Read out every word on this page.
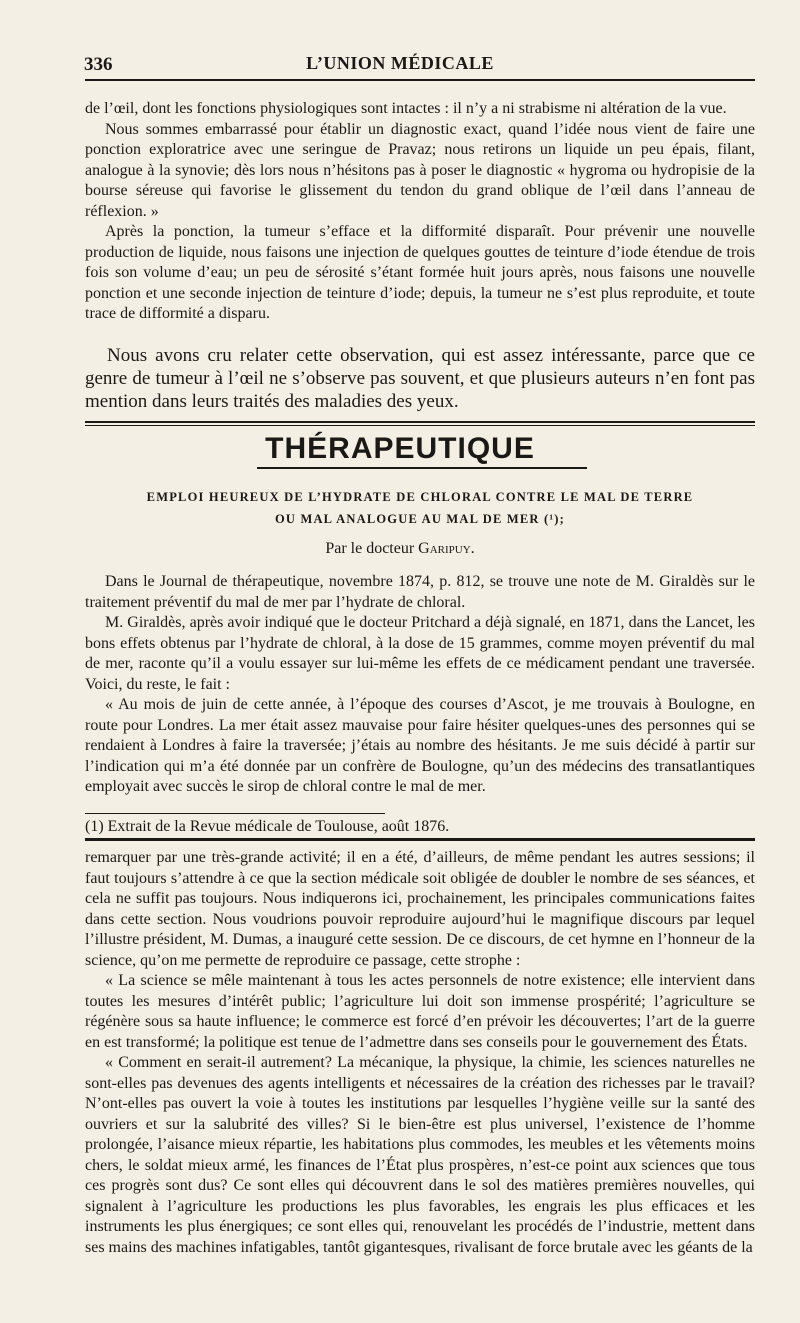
336	L’UNION MÉDICALE

de l’œil, dont les fonctions physiologiques sont intactes : il n’y a ni strabisme ni altération de la vue.

Nous sommes embarrassé pour établir un diagnostic exact, quand l’idée nous vient de faire une ponction exploratrice avec une seringue de Pravaz; nous retirons un liquide un peu épais, filant, analogue à la synovie; dès lors nous n’hésitons pas à poser le diagnostic « hygroma ou hydropisie de la bourse séreuse qui favorise le glissement du tendon du grand oblique de l’œil dans l’anneau de réflexion. »

Après la ponction, la tumeur s’efface et la difformité disparaît. Pour prévenir une nouvelle production de liquide, nous faisons une injection de quelques gouttes de teinture d’iode étendue de trois fois son volume d’eau; un peu de sérosité s’étant formée huit jours après, nous faisons une nouvelle ponction et une seconde injection de teinture d’iode; depuis, la tumeur ne s’est plus reproduite, et toute trace de difformité a disparu.

Nous avons cru relater cette observation, qui est assez intéressante, parce que ce genre de tumeur à l’œil ne s’observe pas souvent, et que plusieurs auteurs n’en font pas mention dans leurs traités des maladies des yeux.

THÉRAPEUTIQUE
EMPLOI HEUREUX DE L’HYDRATE DE CHLORAL CONTRE LE MAL DE TERRE
OU MAL ANALOGUE AU MAL DE MER (¹);
Par le docteur Garipuy.

Dans le Journal de thérapeutique, novembre 1874, p. 812, se trouve une note de M. Giraldès sur le traitement préventif du mal de mer par l’hydrate de chloral.

M. Giraldès, après avoir indiqué que le docteur Pritchard a déjà signalé, en 1871, dans the Lancet, les bons effets obtenus par l’hydrate de chloral, à la dose de 15 grammes, comme moyen préventif du mal de mer, raconte qu’il a voulu essayer sur lui-même les effets de ce médicament pendant une traversée. Voici, du reste, le fait :

« Au mois de juin de cette année, à l’époque des courses d’Ascot, je me trouvais à Boulogne, en route pour Londres. La mer était assez mauvaise pour faire hésiter quelques-unes des personnes qui se rendaient à Londres à faire la traversée; j’étais au nombre des hésitants. Je me suis décidé à partir sur l’indication qui m’a été donnée par un confrère de Boulogne, qu’un des médecins des transatlantiques employait avec succès le sirop de chloral contre le mal de mer.

(1) Extrait de la Revue médicale de Toulouse, août 1876.

remarquer par une très-grande activité; il en a été, d’ailleurs, de même pendant les autres sessions; il faut toujours s’attendre à ce que la section médicale soit obligée de doubler le nombre de ses séances, et cela ne suffit pas toujours. Nous indiquerons ici, prochainement, les principales communications faites dans cette section. Nous voudrions pouvoir reproduire aujourd’hui le magnifique discours par lequel l’illustre président, M. Dumas, a inauguré cette session. De ce discours, de cet hymne en l’honneur de la science, qu’on me permette de reproduire ce passage, cette strophe :

« La science se mêle maintenant à tous les actes personnels de notre existence; elle intervient dans toutes les mesures d’intérêt public; l’agriculture lui doit son immense prospérité; l’agriculture se régénère sous sa haute influence; le commerce est forcé d’en prévoir les découvertes; l’art de la guerre en est transformé; la politique est tenue de l’admettre dans ses conseils pour le gouvernement des États.

« Comment en serait-il autrement? La mécanique, la physique, la chimie, les sciences naturelles ne sont-elles pas devenues des agents intelligents et nécessaires de la création des richesses par le travail? N’ont-elles pas ouvert la voie à toutes les institutions par lesquelles l’hygiène veille sur la santé des ouvriers et sur la salubrité des villes? Si le bien-être est plus universel, l’existence de l’homme prolongée, l’aisance mieux répartie, les habitations plus commodes, les meubles et les vêtements moins chers, le soldat mieux armé, les finances de l’État plus prospères, n’est-ce point aux sciences que tous ces progrès sont dus? Ce sont elles qui découvrent dans le sol des matières premières nouvelles, qui signalent à l’agriculture les productions les plus favorables, les engrais les plus efficaces et les instruments les plus énergiques; ce sont elles qui, renouvelant les procédés de l’industrie, mettent dans ses mains des machines infatigables, tantôt gigantesques, rivalisant de force brutale avec les géants de la
